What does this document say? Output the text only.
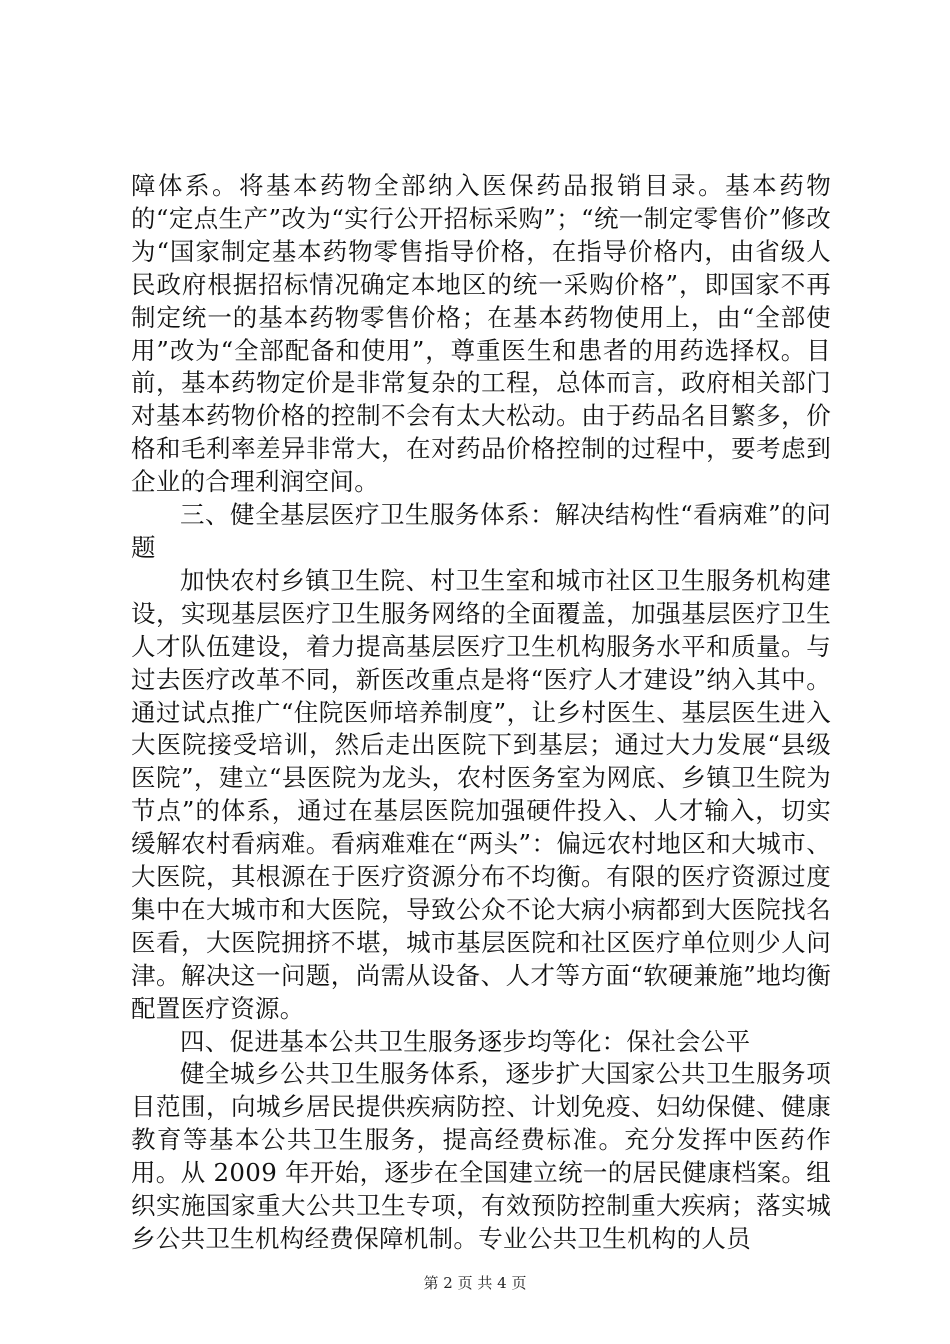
障体系。将基本药物全部纳入医保药品报销目录。基本药物的“定点生产”改为“实行公开招标采购”；“统一制定零售价”修改为“国家制定基本药物零售指导价格，在指导价格内，由省级人民政府根据招标情况确定本地区的统一采购价格”，即国家不再制定统一的基本药物零售价格；在基本药物使用上，由“全部使用”改为“全部配备和使用”，尊重医生和患者的用药选择权。目前，基本药物定价是非常复杂的工程，总体而言，政府相关部门对基本药物价格的控制不会有太大松动。由于药品名目繁多，价格和毛利率差异非常大，在对药品价格控制的过程中，要考虑到企业的合理利润空间。

三、健全基层医疗卫生服务体系：解决结构性“看病难”的问题

加快农村乡镇卫生院、村卫生室和城市社区卫生服务机构建设，实现基层医疗卫生服务网络的全面覆盖，加强基层医疗卫生人才队伍建设，着力提高基层医疗卫生机构服务水平和质量。与过去医疗改革不同，新医改重点是将“医疗人才建设”纳入其中。通过试点推广“住院医师培养制度”，让乡村医生、基层医生进入大医院接受培训，然后走出医院下到基层；通过大力发展“县级医院”，建立“县医院为龙头，农村医务室为网底、乡镇卫生院为节点”的体系，通过在基层医院加强硬件投入、人才输入，切实缓解农村看病难。看病难难在“两头”：偏远农村地区和大城市、大医院，其根源在于医疗资源分布不均衡。有限的医疗资源过度集中在大城市和大医院，导致公众不论大病小病都到大医院找名医看，大医院拥挤不堪，城市基层医院和社区医疗单位则少人问津。解决这一问题，尚需从设备、人才等方面“软硬兼施”地均衡配置医疗资源。

四、促进基本公共卫生服务逐步均等化：保社会公平

健全城乡公共卫生服务体系，逐步扩大国家公共卫生服务项目范围，向城乡居民提供疾病防控、计划免疫、妇幼保健、健康教育等基本公共卫生服务，提高经费标准。充分发挥中医药作用。从 2009 年开始，逐步在全国建立统一的居民健康档案。组织实施国家重大公共卫生专项，有效预防控制重大疾病；落实城乡公共卫生机构经费保障机制。专业公共卫生机构的人员

第 2 页 共 4 页
